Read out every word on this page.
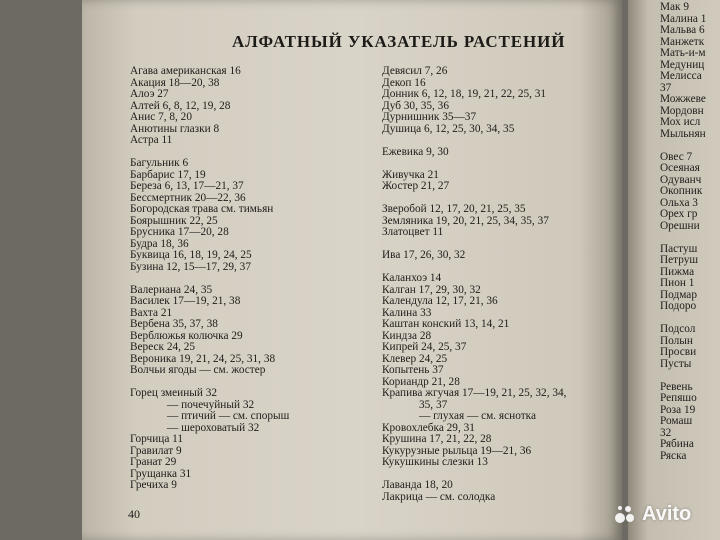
АЛФАТНЫЙ УКАЗАТЕЛЬ РАСТЕНИЙ
Агава американская 16
Акация 18—20, 38
Алоэ 27
Алтей 6, 8, 12, 19, 28
Анис 7, 8, 20
Анютины глазки 8
Астра 11
Багульник 6
Барбарис 17, 19
Береза 6, 13, 17—21, 37
Бессмертник 20—22, 36
Богородская трава см. тимьян
Боярышник 22, 25
Брусника 17—20, 28
Будра 18, 36
Буквица 16, 18, 19, 24, 25
Бузина 12, 15—17, 29, 37
Валериана 24, 35
Василек 17—19, 21, 38
Вахта 21
Вербена 35, 37, 38
Верблюжья колючка 29
Вереск 24, 25
Вероника 19, 21, 24, 25, 31, 38
Волчьи ягоды — см. жостер
Горец змеиный 32
— почечуйный 32
— птичий — см. спорыш
— шероховатый 32
Горчица 11
Гравилат 9
Гранат 29
Грущанка 31
Гречиха 9
Девясил 7, 26
Декоп 16
Донник 6, 12, 18, 19, 21, 22, 25, 31
Дуб 30, 35, 36
Дурнишник 35—37
Душица 6, 12, 25, 30, 34, 35
Ежевика 9, 30
Живучка 21
Жостер 21, 27
Зверобой 12, 17, 20, 21, 25, 35
Земляника 19, 20, 21, 25, 34, 35, 37
Златоцвет 11
Ива 17, 26, 30, 32
Каланхоэ 14
Калган 17, 29, 30, 32
Календула 12, 17, 21, 36
Калина 33
Каштан конский 13, 14, 21
Киндза 28
Кипрей 24, 25, 37
Клевер 24, 25
Копытень 37
Кориандр 21, 28
Крапива жгучая 17—19, 21, 25, 32, 34,
35, 37
— глухая — см. яснотка
Кровохлебка 29, 31
Крушина 17, 21, 22, 28
Кукурузные рыльца 19—21, 36
Кукушкины слезки 13
Лаванда 18, 20
Лакрица — см. солодка
Мак 9
Малина 1
Мальва 6
Манжетк
Мать-и-м
Медуниц
Мелисса
37
Можжеве
Мордовн
Мох исл
Мыльнян
Овес 7
Осеяная
Одуванч
Окопник
Ольха 3
Орех гр
Орешни
Пастуш
Петруш
Пижма
Пион 1
Подмар
Подоро
Подсол
Полын
Просви
Пусты
Ревень
Репяшо
Роза 19
Ромаш
32
Рябина
Ряска
40	Avito
